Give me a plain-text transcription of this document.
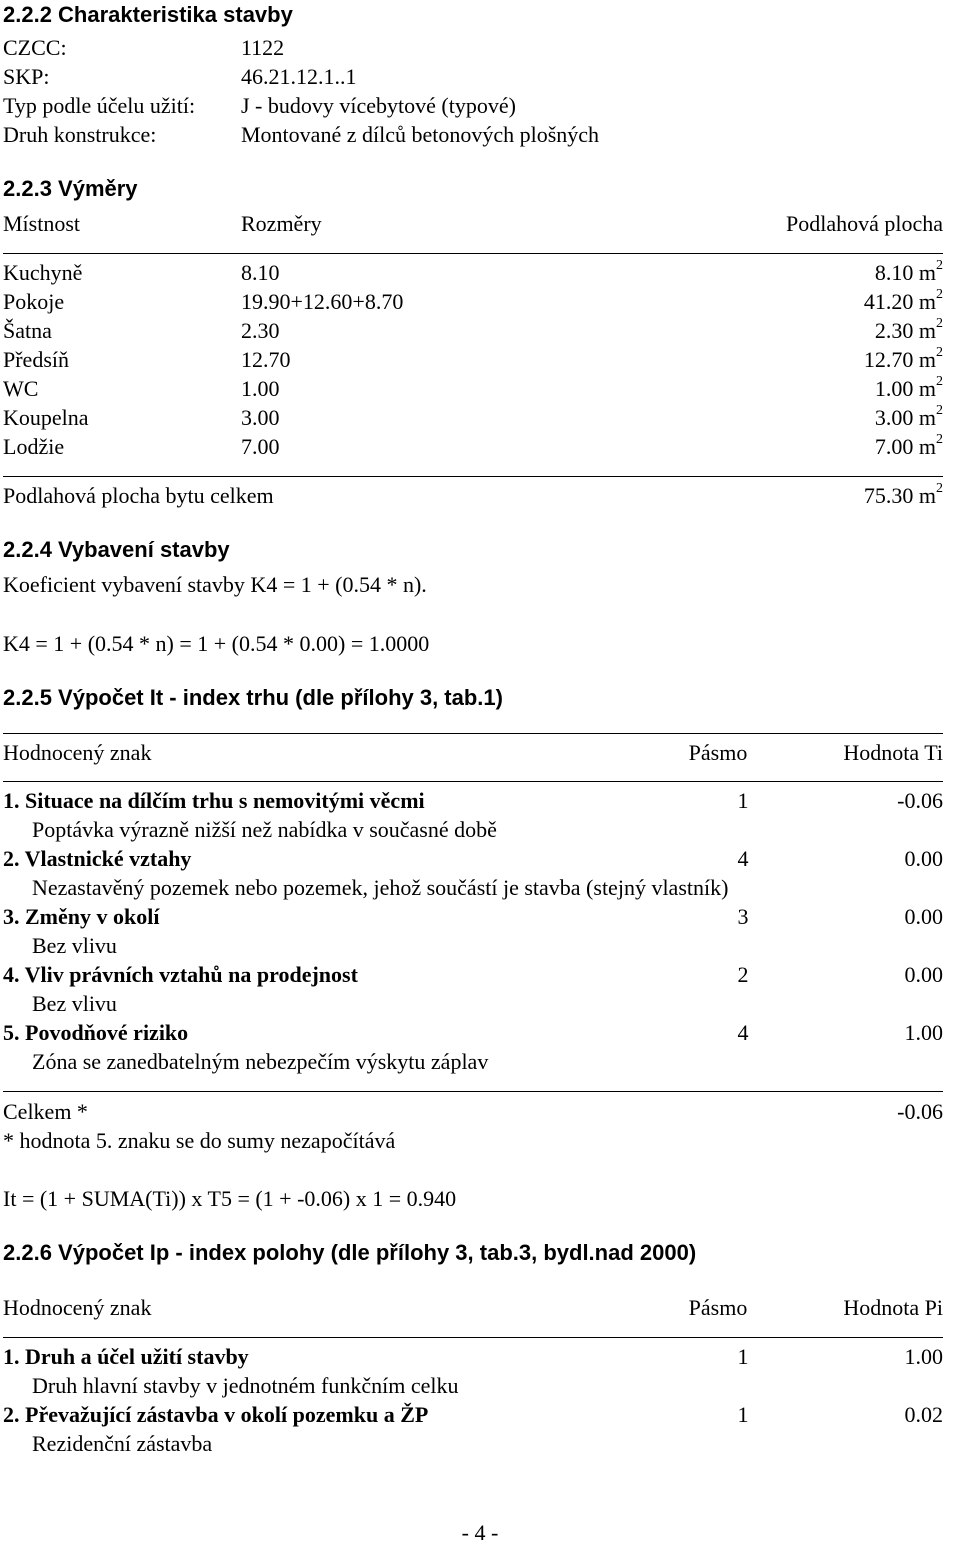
2.2.2 Charakteristika stavby
CZCC:	1122
SKP:	46.21.12.1..1
Typ podle účelu užití: J - budovy vícebytové (typové)
Druh konstrukce:	Montované z dílců betonových plošných
2.2.3 Výměry
Místnost	Rozměry	Podlahová plocha
Kuchyně	8.10	8.10 $m^2$
Pokoje	19.90+12.60+8.70	41.20 $m^2$
Šatna	2.30	2.30 $m^2$
Předsíň	12.70	12.70 $m^2$
WC	1.00	1.00 $m^2$
Koupelna	3.00	3.00 $m^2$
Lodžie	7.00	7.00 $m^2$
Podlahová plocha bytu celkem	75.30 $m^2$
2.2.4 Vybavení stavby
Koeficient vybavení stavby K4 = 1 + (0.54 * n).
K4 = 1 + (0.54 * n) = 1 + (0.54 * 0.00) = 1.0000
2.2.5 Výpočet It - index trhu (dle přílohy 3, tab.1)
Hodnocený znak	Pásmo	Hodnota Ti
1. Situace na dílčím trhu s nemovitými věcmi	1	-0.06
Poptávka výrazně nižší než nabídka v současné době
2. Vlastnické vztahy	4	0.00
Nezastavěný pozemek nebo pozemek, jehož součástí je stavba (stejný vlastník)
3. Změny v okolí	3	0.00
Bez vlivu
4. Vliv právních vztahů na prodejnost	2	0.00
Bez vlivu
5. Povodňové riziko	4	1.00
Zóna se zanedbatelným nebezpečím výskytu záplav
Celkem *	-0.06
* hodnota 5. znaku se do sumy nezapočítává
It = (1 + SUMA(Ti)) x T5 = (1 + -0.06) x 1 = 0.940
2.2.6 Výpočet Ip - index polohy (dle přílohy 3, tab.3, bydl.nad 2000)
Hodnocený znak	Pásmo	Hodnota Pi
1. Druh a účel užití stavby	1	1.00
Druh hlavní stavby v jednotném funkčním celku
2. Převažující zástavba v okolí pozemku a ŽP	1	0.02
Rezidenční zástavba
- 4 -
